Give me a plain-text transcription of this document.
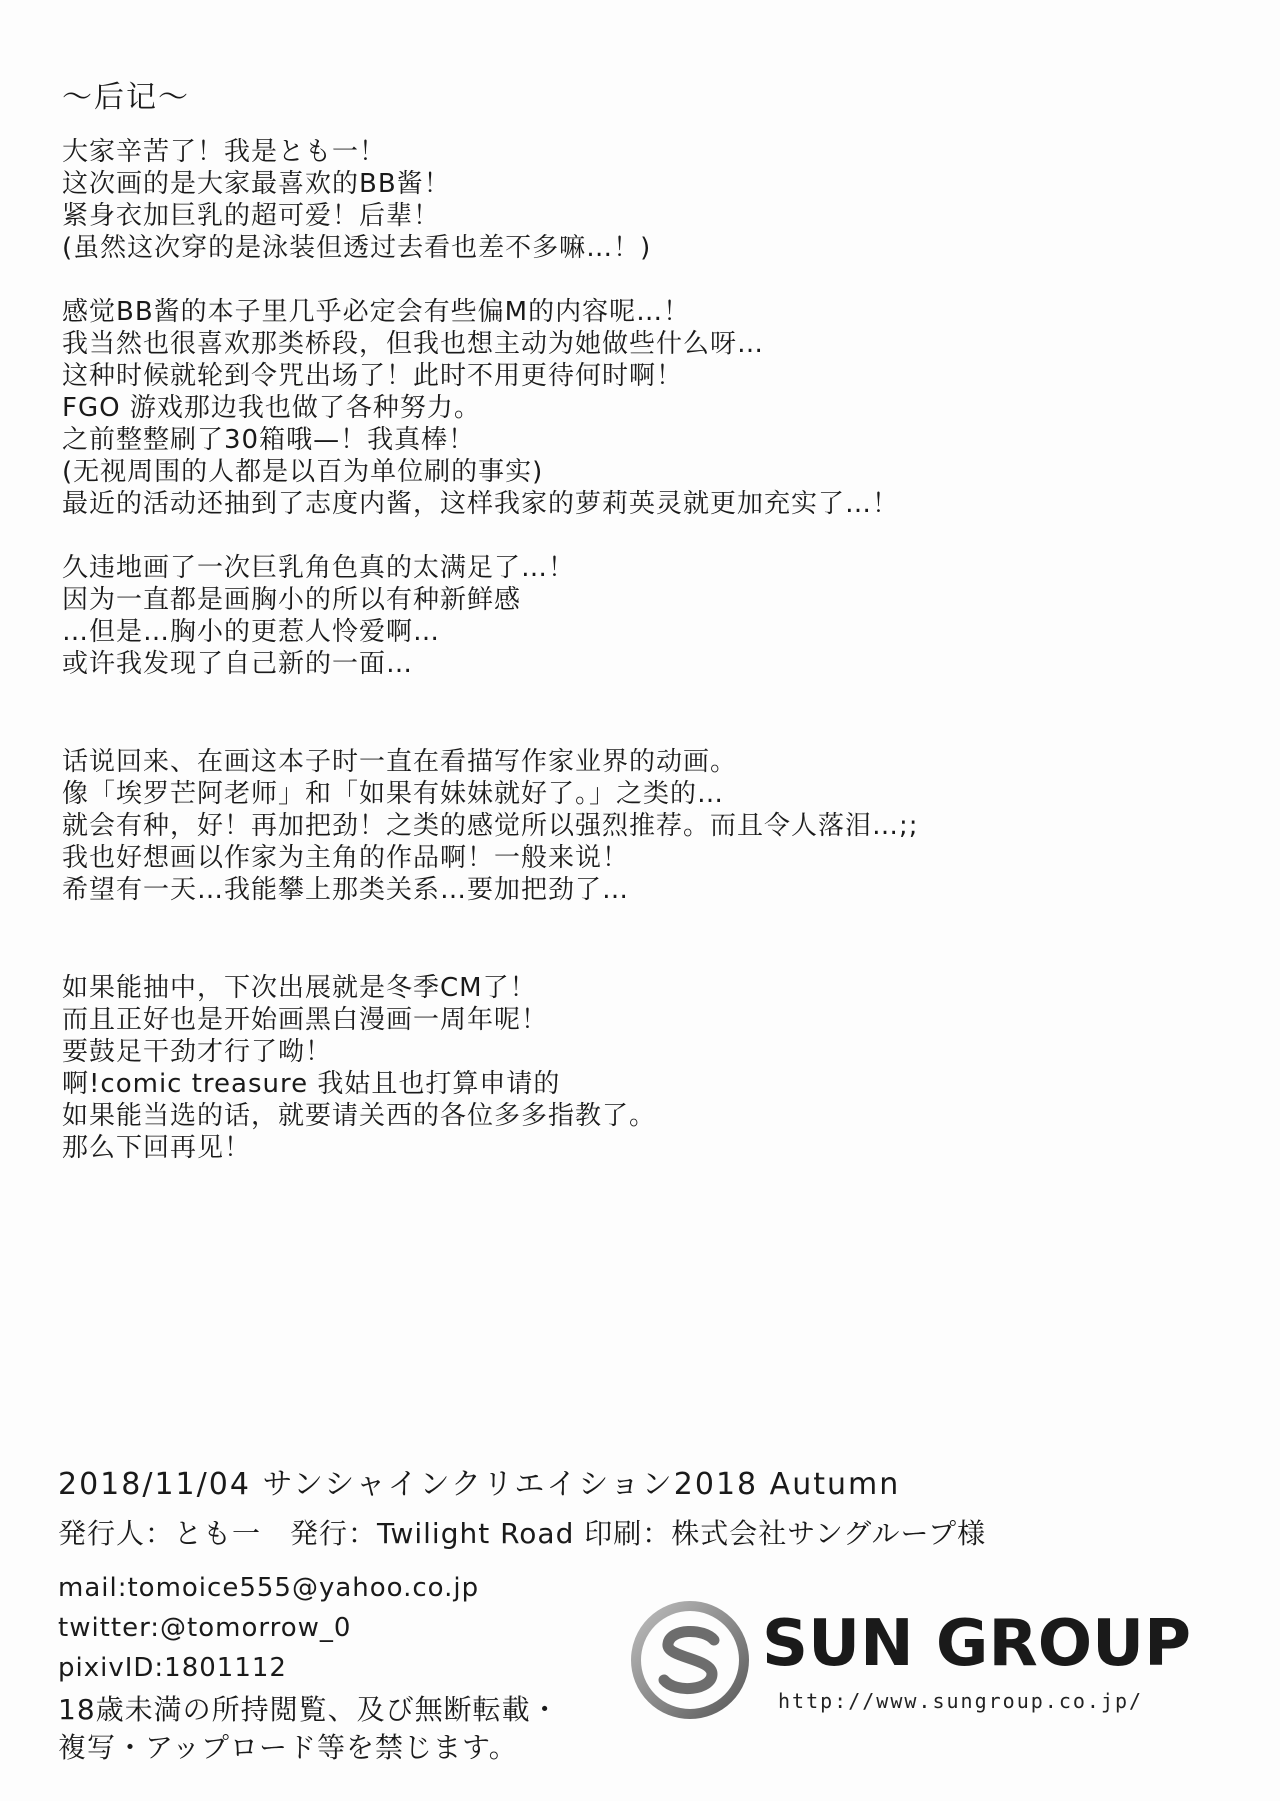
～后记～
大家辛苦了！我是とも一！
这次画的是大家最喜欢的BB酱！
紧身衣加巨乳的超可爱！后辈！
(虽然这次穿的是泳装但透过去看也差不多嘛…！)
感觉BB酱的本子里几乎必定会有些偏M的内容呢…！
我当然也很喜欢那类桥段，但我也想主动为她做些什么呀…
这种时候就轮到令咒出场了！此时不用更待何时啊！
FGO 游戏那边我也做了各种努力。
之前整整刷了30箱哦—！我真棒！
(无视周围的人都是以百为单位刷的事实)
最近的活动还抽到了志度内酱，这样我家的萝莉英灵就更加充实了…！
久违地画了一次巨乳角色真的太满足了…！
因为一直都是画胸小的所以有种新鲜感
…但是…胸小的更惹人怜爱啊…
或许我发现了自己新的一面…
话说回来、在画这本子时一直在看描写作家业界的动画。
像「埃罗芒阿老师」和「如果有妹妹就好了。」之类的…
就会有种，好！再加把劲！之类的感觉所以强烈推荐。而且令人落泪…;;
我也好想画以作家为主角的作品啊！一般来说！
希望有一天…我能攀上那类关系…要加把劲了…
如果能抽中，下次出展就是冬季CM了！
而且正好也是开始画黑白漫画一周年呢！
要鼓足干劲才行了呦！
啊!comic treasure 我姑且也打算申请的
如果能当选的话，就要请关西的各位多多指教了。
那么下回再见！
2018/11/04 サンシャインクリエイション2018 Autumn
発行人：とも一　発行：Twilight Road 印刷：株式会社サングループ様
mail:tomoice555@yahoo.co.jp
twitter:@tomorrow_0
pixivID:1801112
18歳未満の所持閲覧、及び無断転載・
複写・アップロード等を禁じます。
SUN GROUP
http://www.sungroup.co.jp/
